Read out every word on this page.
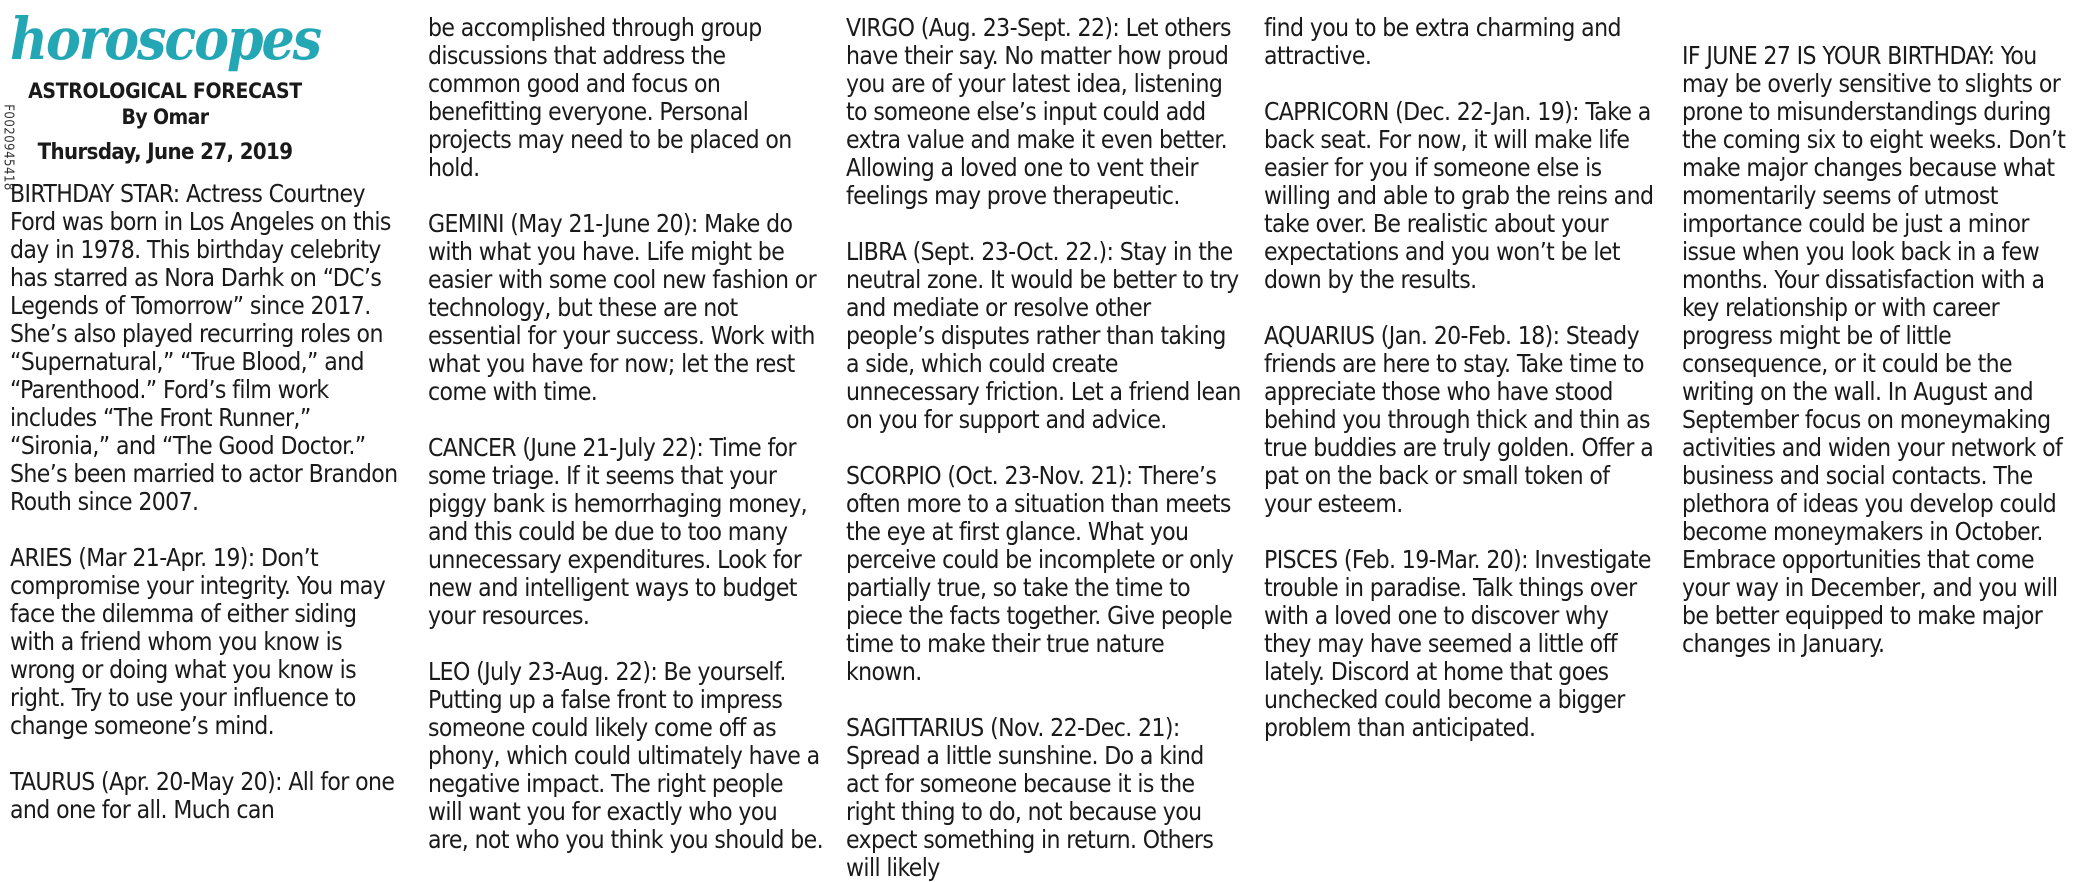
F0020945418
horoscopes
ASTROLOGICAL FORECAST
By Omar
Thursday, June 27, 2019

BIRTHDAY STAR: Actress Courtney Ford was born in Los Angeles on this day in 1978. This birthday celebrity has starred as Nora Darhk on “DC’s Legends of Tomorrow” since 2017. She’s also played recurring roles on “Supernatural,” “True Blood,” and “Parenthood.” Ford’s film work includes “The Front Runner,” “Sironia,” and “The Good Doctor.” She’s been married to actor Brandon Routh since 2007.

ARIES (Mar 21-Apr. 19): Don’t compromise your integrity. You may face the dilemma of either siding with a friend whom you know is wrong or doing what you know is right. Try to use your influence to change someone’s mind.

TAURUS (Apr. 20-May 20): All for one and one for all. Much can

be accomplished through group discussions that address the common good and focus on benefitting everyone. Personal projects may need to be placed on hold.

GEMINI (May 21-June 20): Make do with what you have. Life might be easier with some cool new fashion or technology, but these are not essential for your success. Work with what you have for now; let the rest come with time.

CANCER (June 21-July 22): Time for some triage. If it seems that your piggy bank is hemorrhaging money, and this could be due to too many unnecessary expenditures. Look for new and intelligent ways to budget your resources.

LEO (July 23-Aug. 22): Be yourself. Putting up a false front to impress someone could likely come off as phony, which could ultimately have a negative impact. The right people will want you for exactly who you are, not who you think you should be.

VIRGO (Aug. 23-Sept. 22): Let others have their say. No matter how proud you are of your latest idea, listening to someone else’s input could add extra value and make it even better. Allowing a loved one to vent their feelings may prove therapeutic.

LIBRA (Sept. 23-Oct. 22.): Stay in the neutral zone. It would be better to try and mediate or resolve other people’s disputes rather than taking a side, which could create unnecessary friction. Let a friend lean on you for support and advice.

SCORPIO (Oct. 23-Nov. 21): There’s often more to a situation than meets the eye at first glance. What you perceive could be incomplete or only partially true, so take the time to piece the facts together. Give people time to make their true nature known.

SAGITTARIUS (Nov. 22-Dec. 21): Spread a little sunshine. Do a kind act for someone because it is the right thing to do, not because you expect something in return. Others will likely

find you to be extra charming and attractive.

CAPRICORN (Dec. 22-Jan. 19): Take a back seat. For now, it will make life easier for you if someone else is willing and able to grab the reins and take over. Be realistic about your expectations and you won’t be let down by the results.

AQUARIUS (Jan. 20-Feb. 18): Steady friends are here to stay. Take time to appreciate those who have stood behind you through thick and thin as true buddies are truly golden. Offer a pat on the back or small token of your esteem.

PISCES (Feb. 19-Mar. 20): Investigate trouble in paradise. Talk things over with a loved one to discover why they may have seemed a little off lately. Discord at home that goes unchecked could become a bigger problem than anticipated.

IF JUNE 27 IS YOUR BIRTHDAY: You may be overly sensitive to slights or prone to misunderstandings during the coming six to eight weeks. Don’t make major changes because what momentarily seems of utmost importance could be just a minor issue when you look back in a few months. Your dissatisfaction with a key relationship or with career progress might be of little consequence, or it could be the writing on the wall. In August and September focus on moneymaking activities and widen your network of business and social contacts. The plethora of ideas you develop could become moneymakers in October. Embrace opportunities that come your way in December, and you will be better equipped to make major changes in January.
